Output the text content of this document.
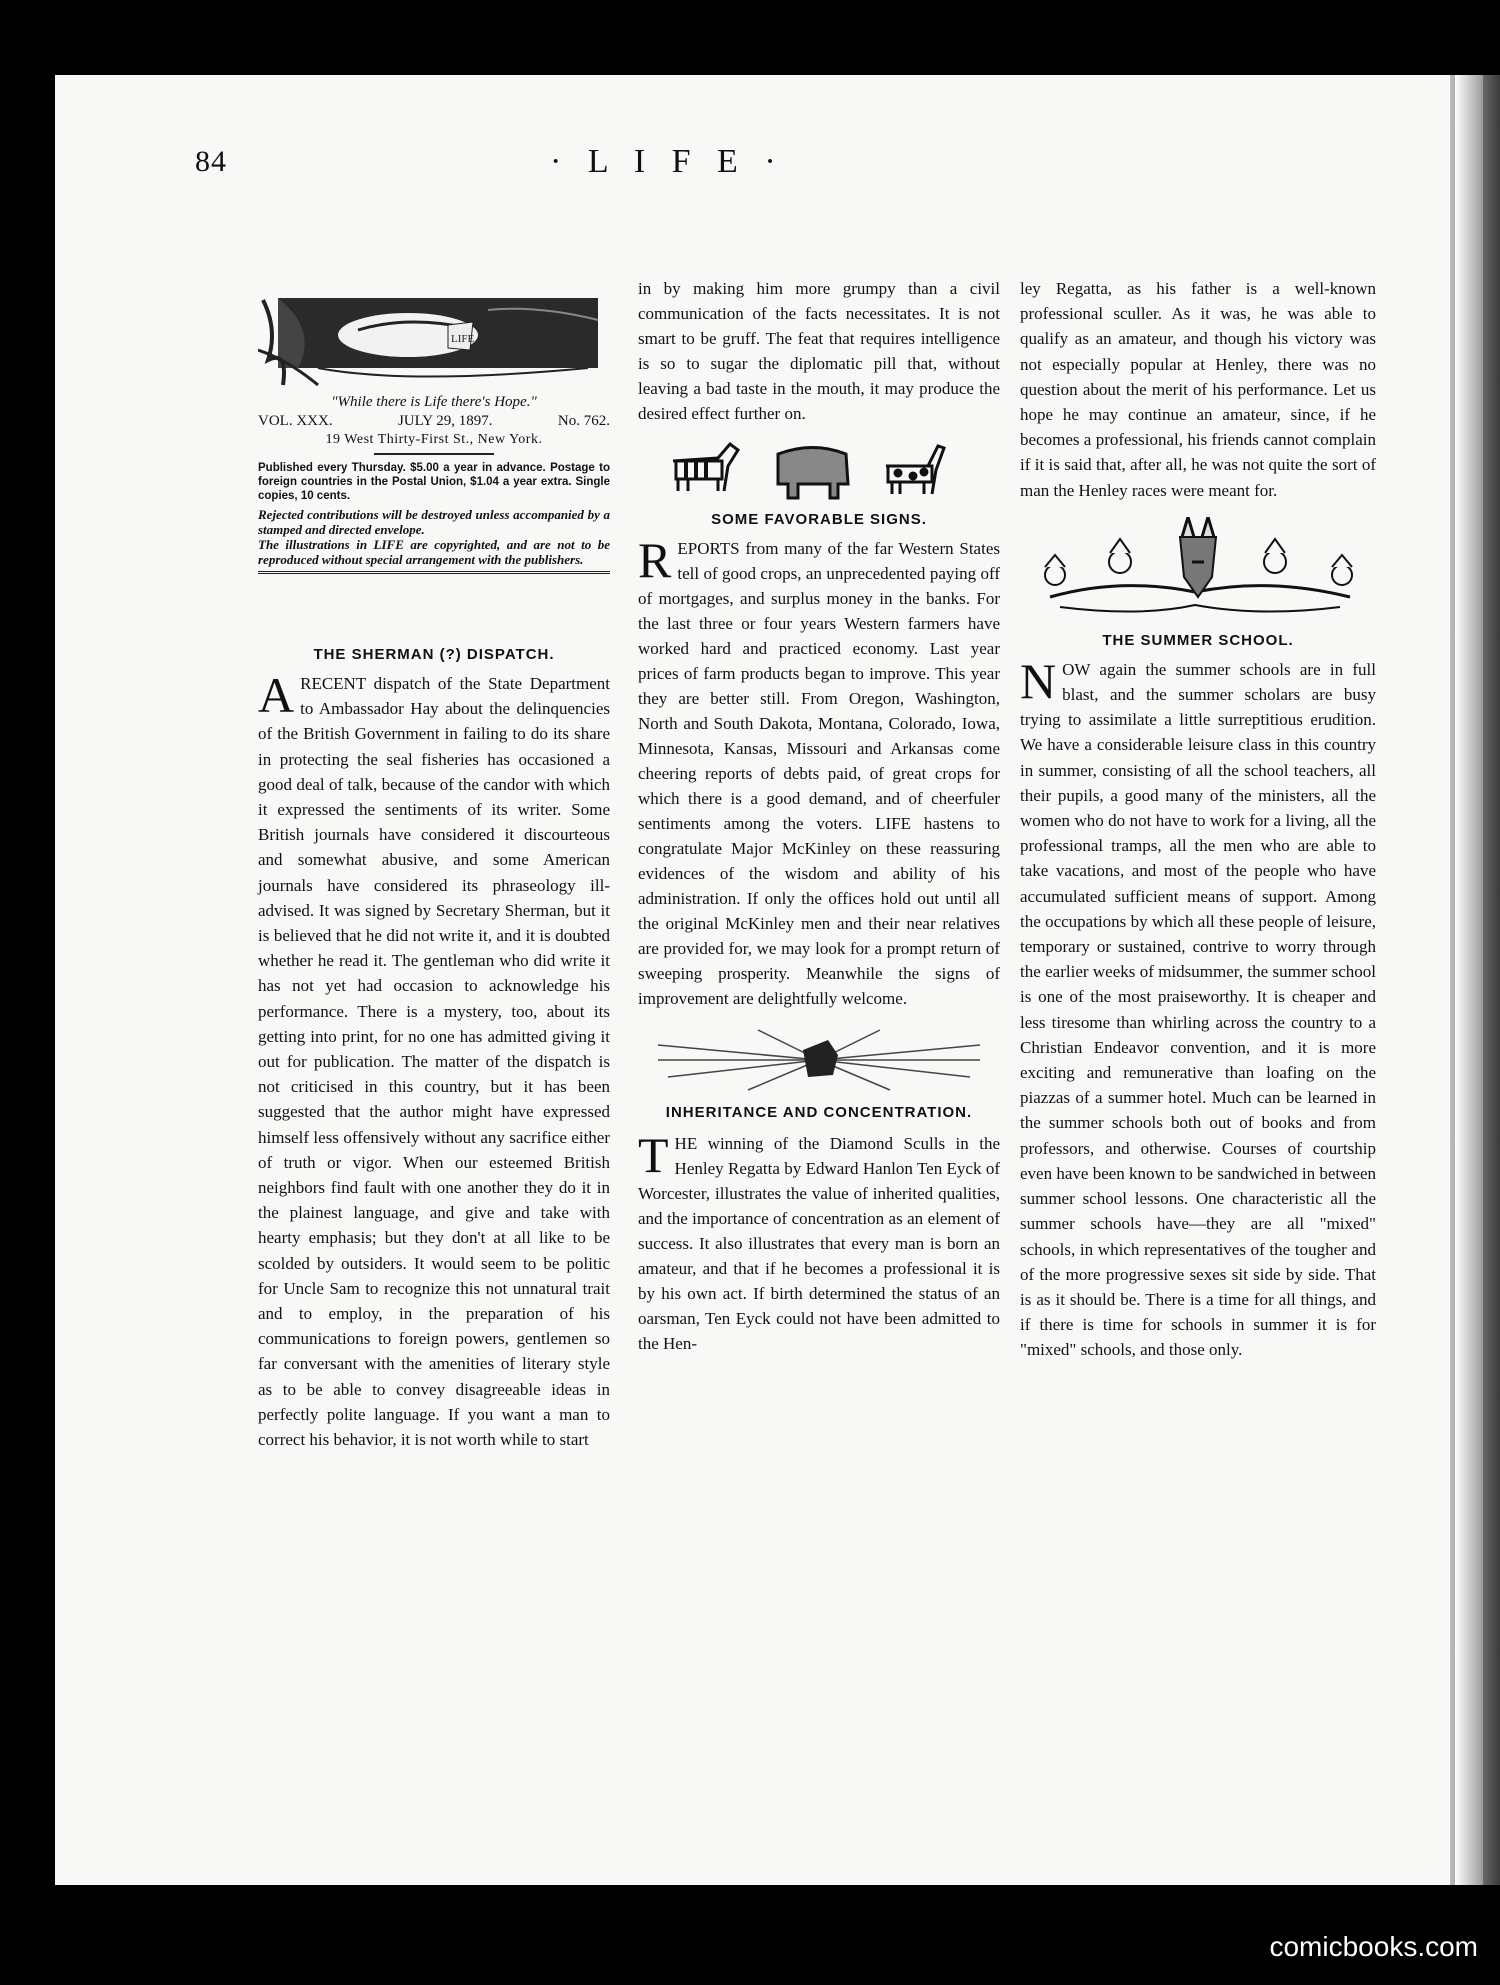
84	· L I F E ·
LIFE

"While there is Life there's Hope."

VOL. XXX.	JULY 29, 1897.	No. 762.

19 West Thirty-First St., New York.

Published every Thursday. $5.00 a year in advance. Postage to foreign countries in the Postal Union, $1.04 a year extra. Single copies, 10 cents.

Rejected contributions will be destroyed unless accompanied by a stamped and directed envelope.

The illustrations in LIFE are copyrighted, and are not to be reproduced without special arrangement with the publishers.

THE SHERMAN (?) DISPATCH.

A RECENT dispatch of the State Department to Ambassador Hay about the delinquencies of the British Government in failing to do its share in protecting the seal fisheries has occasioned a good deal of talk, because of the candor with which it expressed the sentiments of its writer. Some British journals have considered it discourteous and somewhat abusive, and some American journals have considered its phraseology ill-advised. It was signed by Secretary Sherman, but it is believed that he did not write it, and it is doubted whether he read it. The gentleman who did write it has not yet had occasion to acknowledge his performance. There is a mystery, too, about its getting into print, for no one has admitted giving it out for publication. The matter of the dispatch is not criticised in this country, but it has been suggested that the author might have expressed himself less offensively without any sacrifice either of truth or vigor. When our esteemed British neighbors find fault with one another they do it in the plainest language, and give and take with hearty emphasis; but they don't at all like to be scolded by outsiders. It would seem to be politic for Uncle Sam to recognize this not unnatural trait and to employ, in the preparation of his communications to foreign powers, gentlemen so far conversant with the amenities of literary style as to be able to convey disagreeable ideas in perfectly polite language. If you want a man to correct his behavior, it is not worth while to start

in by making him more grumpy than a civil communication of the facts necessitates. It is not smart to be gruff. The feat that requires intelligence is so to sugar the diplomatic pill that, without leaving a bad taste in the mouth, it may produce the desired effect further on.

SOME FAVORABLE SIGNS.

R EPORTS from many of the far Western States tell of good crops, an unprecedented paying off of mortgages, and surplus money in the banks. For the last three or four years Western farmers have worked hard and practiced economy. Last year prices of farm products began to improve. This year they are better still. From Oregon, Washington, North and South Dakota, Montana, Colorado, Iowa, Minnesota, Kansas, Missouri and Arkansas come cheering reports of debts paid, of great crops for which there is a good demand, and of cheerfuler sentiments among the voters. LIFE hastens to congratulate Major McKinley on these reassuring evidences of the wisdom and ability of his administration. If only the offices hold out until all the original McKinley men and their near relatives are provided for, we may look for a prompt return of sweeping prosperity. Meanwhile the signs of improvement are delightfully welcome.

INHERITANCE AND CONCENTRATION.

T HE winning of the Diamond Sculls in the Henley Regatta by Edward Hanlon Ten Eyck of Worcester, illustrates the value of inherited qualities, and the importance of concentration as an element of success. It also illustrates that every man is born an amateur, and that if he becomes a professional it is by his own act. If birth determined the status of an oarsman, Ten Eyck could not have been admitted to the Hen-

ley Regatta, as his father is a well-known professional sculler. As it was, he was able to qualify as an amateur, and though his victory was not especially popular at Henley, there was no question about the merit of his performance. Let us hope he may continue an amateur, since, if he becomes a professional, his friends cannot complain if it is said that, after all, he was not quite the sort of man the Henley races were meant for.

THE SUMMER SCHOOL.

N OW again the summer schools are in full blast, and the summer scholars are busy trying to assimilate a little surreptitious erudition. We have a considerable leisure class in this country in summer, consisting of all the school teachers, all their pupils, a good many of the ministers, all the women who do not have to work for a living, all the professional tramps, all the men who are able to take vacations, and most of the people who have accumulated sufficient means of support. Among the occupations by which all these people of leisure, temporary or sustained, contrive to worry through the earlier weeks of midsummer, the summer school is one of the most praiseworthy. It is cheaper and less tiresome than whirling across the country to a Christian Endeavor convention, and it is more exciting and remunerative than loafing on the piazzas of a summer hotel. Much can be learned in the summer schools both out of books and from professors, and otherwise. Courses of courtship even have been known to be sandwiched in between summer school lessons. One characteristic all the summer schools have—they are all "mixed" schools, in which representatives of the tougher and of the more progressive sexes sit side by side. That is as it should be. There is a time for all things, and if there is time for schools in summer it is for "mixed" schools, and those only.
comicbooks.com
